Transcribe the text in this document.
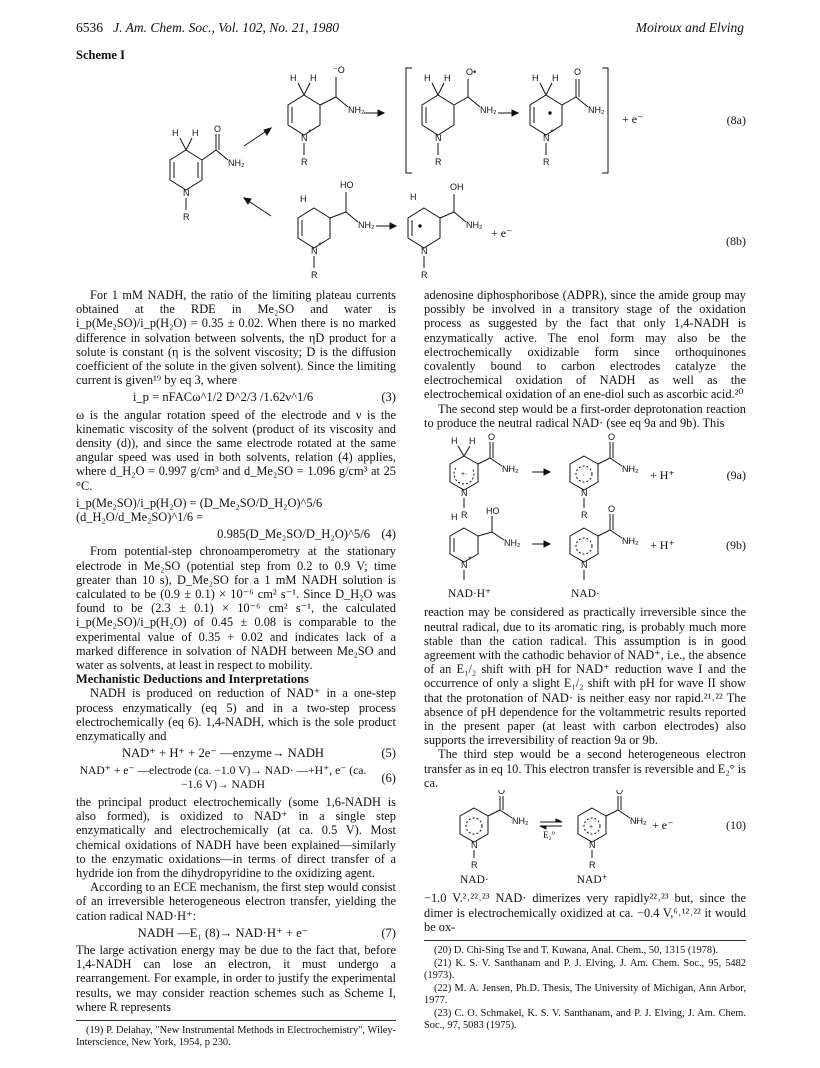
6536 J. Am. Chem. Soc., Vol. 102, No. 21, 1980	Moiroux and Elving
Scheme I
H H O
NH₂
N
R
H H
⁻O
NH₂
N
+
R
H H
O•
NH₂
N
R
H H
O
NH₂
N
+
R
H
HO
NH₂
N
+
R
H
OH
NH₂
N
R
+ e⁻
+ e⁻
(8a)
(8b)

For 1 mM NADH, the ratio of the limiting plateau currents obtained at the RDE in Me₂SO and water is i_p(Me₂SO)/i_p(H₂O) = 0.35 ± 0.02. When there is no marked difference in solvation between solvents, the ηD product for a solute is constant (η is the solvent viscosity; D is the diffusion coefficient of the solute in the given solvent). Since the limiting current is given¹⁹ by eq 3, where

i_p = nFACω^1/2 D^2/3 /1.62ν^1/6	(3)

ω is the angular rotation speed of the electrode and ν is the kinematic viscosity of the solvent (product of its viscosity and density (d)), and since the same electrode rotated at the same angular speed was used in both solvents, relation (4) applies, where d_H₂O = 0.997 g/cm³ and d_Me₂SO = 1.096 g/cm³ at 25 °C.

i_p(Me₂SO)/i_p(H₂O) = (D_Me₂SO/D_H₂O)^5/6 (d_H₂O/d_Me₂SO)^1/6 =
0.985(D_Me₂SO/D_H₂O)^5/6 (4)

From potential-step chronoamperometry at the stationary electrode in Me₂SO (potential step from 0.2 to 0.9 V; time greater than 10 s), D_Me₂SO for a 1 mM NADH solution is calculated to be (0.9 ± 0.1) × 10⁻⁶ cm² s⁻¹. Since D_H₂O was found to be (2.3 ± 0.1) × 10⁻⁶ cm² s⁻¹, the calculated i_p(Me₂SO)/i_p(H₂O) of 0.45 ± 0.08 is comparable to the experimental value of 0.35 + 0.02 and indicates lack of a marked difference in solvation of NADH between Me₂SO and water as solvents, at least in respect to mobility.

Mechanistic Deductions and Interpretations

NADH is produced on reduction of NAD⁺ in a one-step process enzymatically (eq 5) and in a two-step process electrochemically (eq 6). 1,4-NADH, which is the sole product enzymatically and

NAD⁺ + H⁺ + 2e⁻ —enzyme→ NADH	(5)
NAD⁺ + e⁻ —electrode (ca. −1.0 V)→ NAD· —+H⁺, e⁻ (ca. −1.6 V)→ NADH	(6)

the principal product electrochemically (some 1,6-NADH is also formed), is oxidized to NAD⁺ in a single step enzymatically and electrochemically (at ca. 0.5 V). Most chemical oxidations of NADH have been explained—similarly to the enzymatic oxidations—in terms of direct transfer of a hydride ion from the dihydropyridine to the oxidizing agent.

According to an ECE mechanism, the first step would consist of an irreversible heterogeneous electron transfer, yielding the cation radical NAD·H⁺:

NADH —E₁ (8)→ NAD·H⁺ + e⁻	(7)

The large activation energy may be due to the fact that, before 1,4-NADH can lose an electron, it must undergo a rearrangement. For example, in order to justify the experimental results, we may consider reaction schemes such as Scheme I, where R represents

(19) P. Delahay, "New Instrumental Methods in Electrochemistry", Wiley-Interscience, New York, 1954, p 230.

adenosine diphosphoribose (ADPR), since the amide group may possibly be involved in a transitory stage of the oxidation process as suggested by the fact that only 1,4-NADH is enzymatically active. The enol form may also be the electrochemically oxidizable form since orthoquinones covalently bound to carbon electrodes catalyze the electrochemical oxidation of NADH as well as the electrochemical oxidation of an ene-diol such as ascorbic acid.²⁰

The second step would be a first-order deprotonation reaction to produce the neutral radical NAD· (see eq 9a and 9b). This

+·
H H O
NH₂
N
R
·
O
NH₂
N
R
H
HO
NH₂
N
+
O
NH₂
N
+ H⁺	(9a)
+ H⁺	(9b)
NAD·H⁺	NAD·

reaction may be considered as practically irreversible since the neutral radical, due to its aromatic ring, is probably much more stable than the cation radical. This assumption is in good agreement with the cathodic behavior of NAD⁺, i.e., the absence of an E₁/₂ shift with pH for NAD⁺ reduction wave I and the occurrence of only a slight E₁/₂ shift with pH for wave II show that the protonation of NAD· is neither easy nor rapid.²¹˒²² The absence of pH dependence for the voltammetric results reported in the present paper (at least with carbon electrodes) also supports the irreversibility of reaction 9a or 9b.

The third step would be a second heterogeneous electron transfer as in eq 10. This electron transfer is reversible and E₂° is ca.

O
NH₂
N
R
+
O
NH₂
N
R
E₂°
+ e⁻	(10)
NAD·	NAD⁺

−1.0 V.²˒²²˒²³ NAD· dimerizes very rapidly²²˒²³ but, since the dimer is electrochemically oxidized at ca. −0.4 V,⁶˒¹²˒²² it would be ox-

(20) D. Chi-Sing Tse and T. Kuwana, Anal. Chem., 50, 1315 (1978).
(21) K. S. V. Santhanam and P. J. Elving, J. Am. Chem. Soc., 95, 5482 (1973).
(22) M. A. Jensen, Ph.D. Thesis, The University of Michigan, Ann Arbor, 1977.
(23) C. O. Schmakel, K. S. V. Santhanam, and P. J. Elving, J. Am. Chem. Soc., 97, 5083 (1975).
